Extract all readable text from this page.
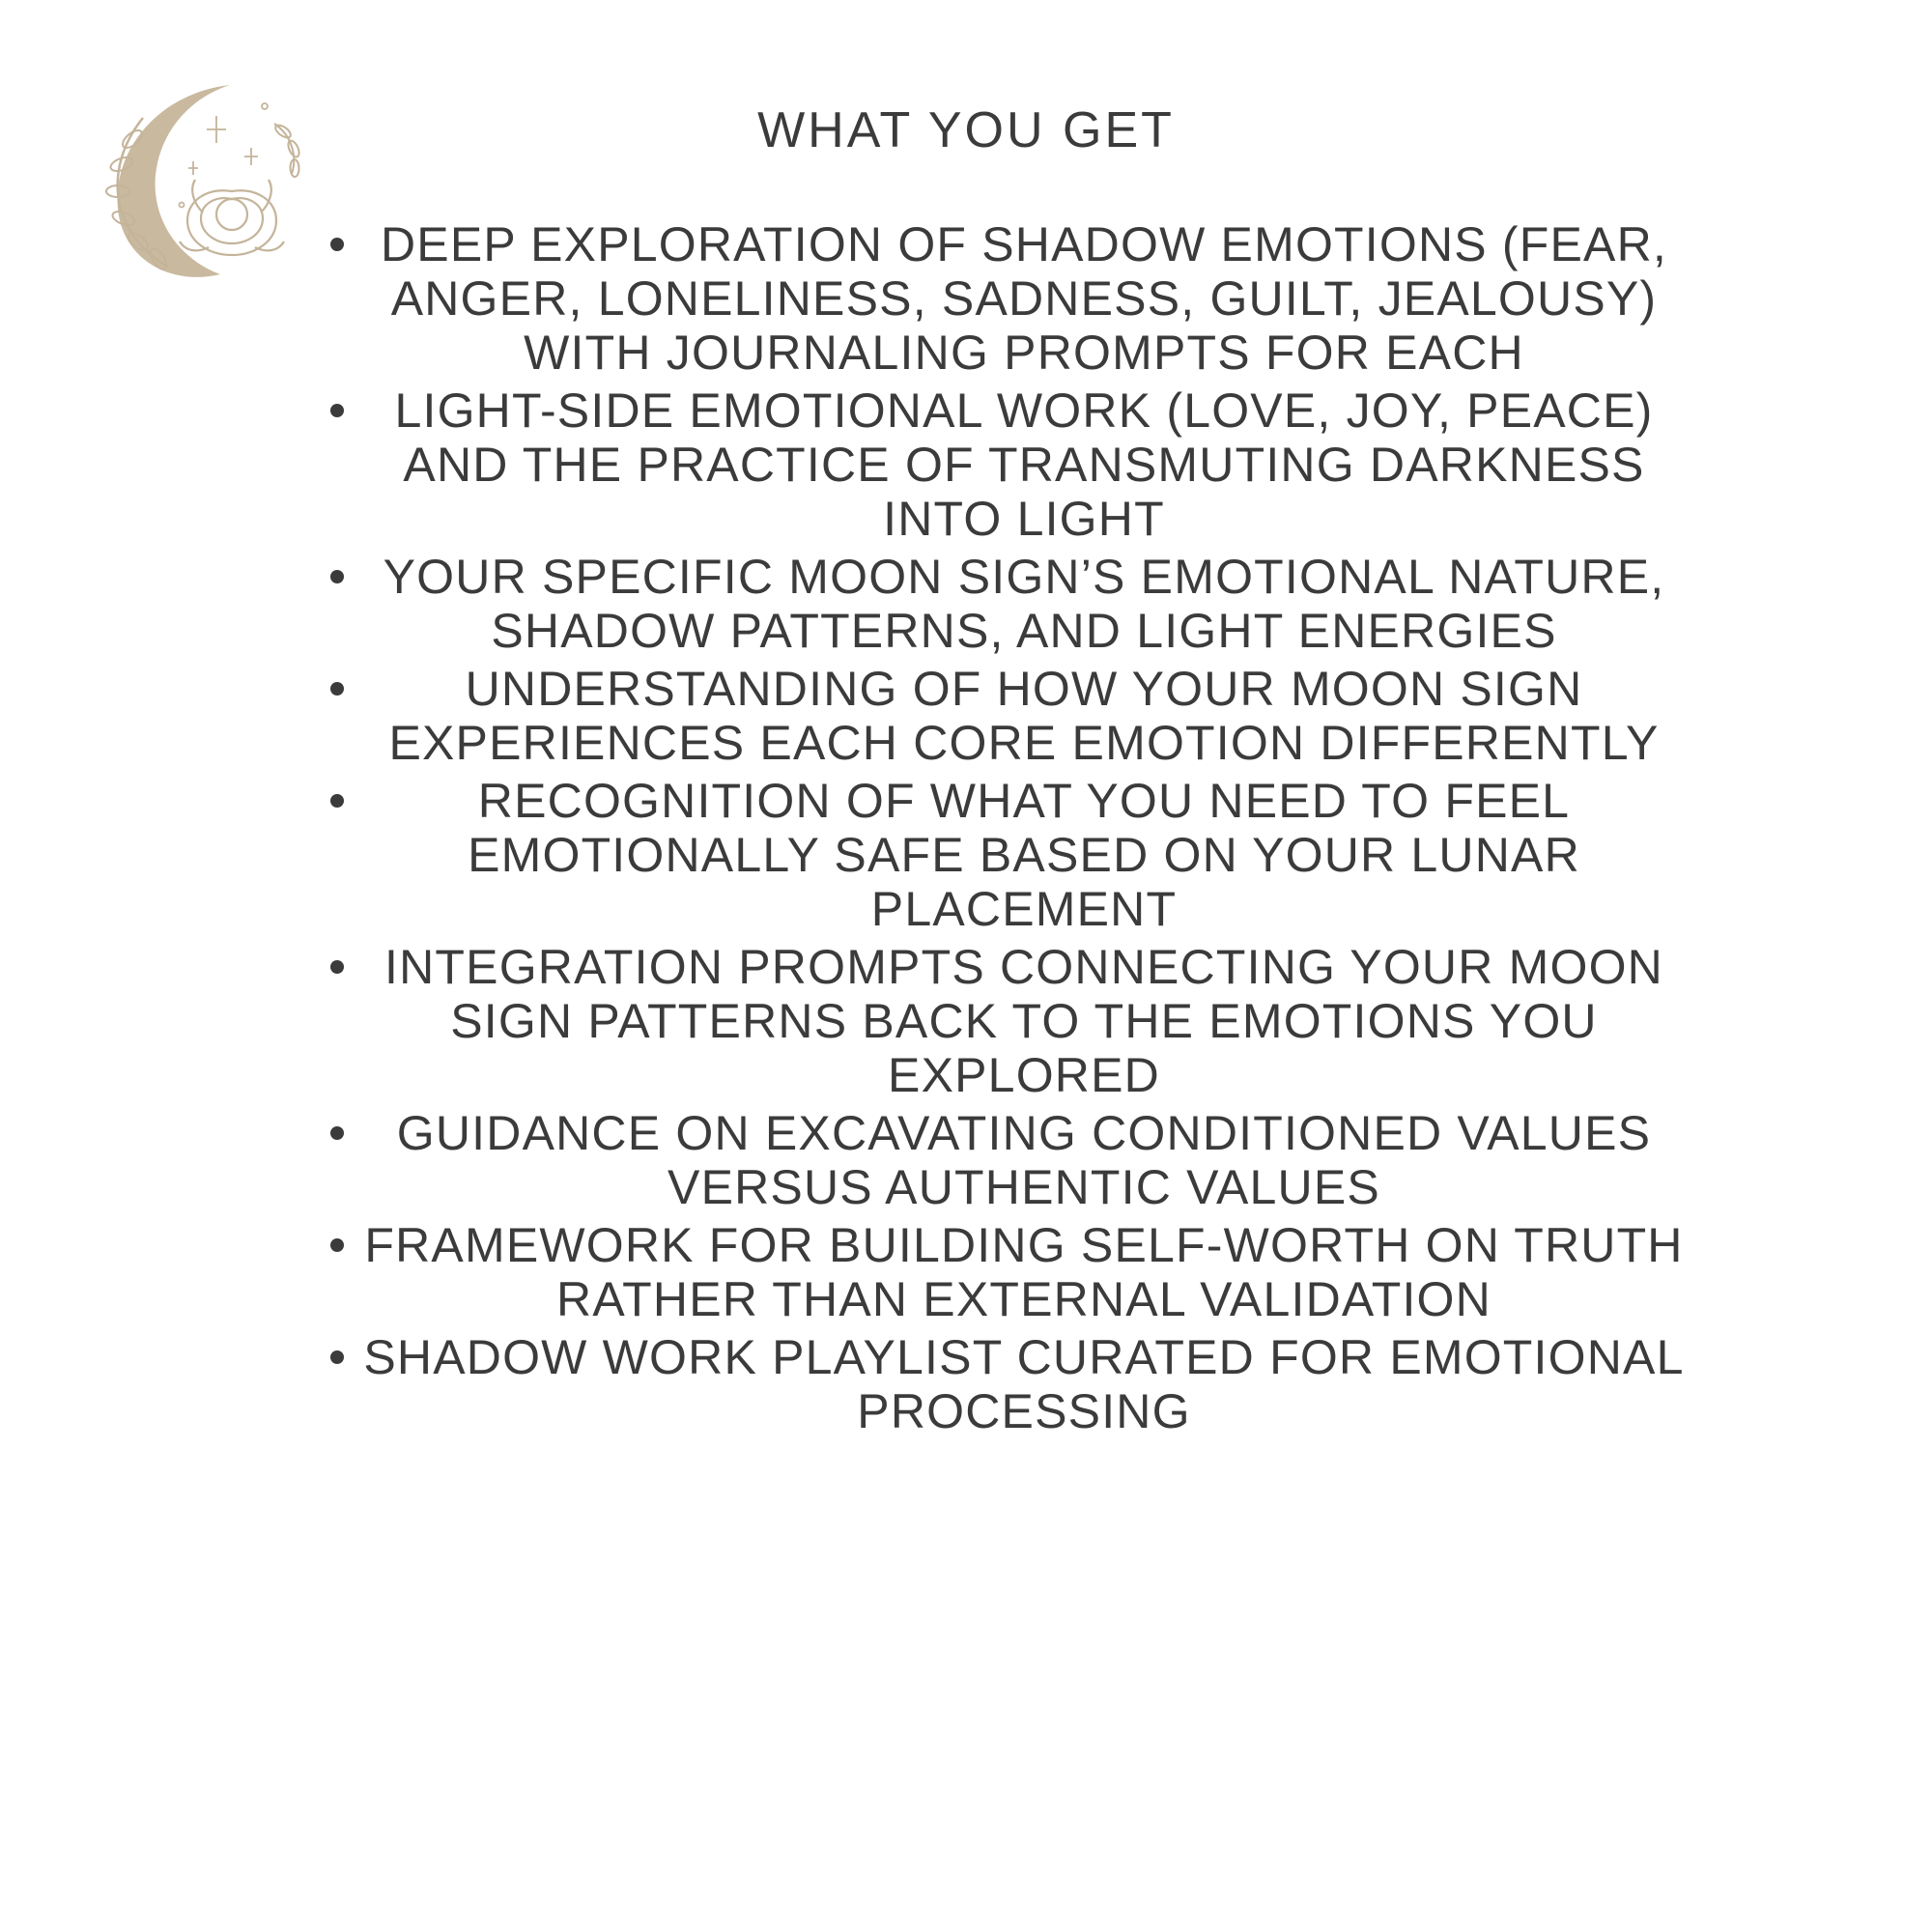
WHAT YOU GET
DEEP EXPLORATION OF SHADOW EMOTIONS (FEAR, ANGER, LONELINESS, SADNESS, GUILT, JEALOUSY) WITH JOURNALING PROMPTS FOR EACH
LIGHT-SIDE EMOTIONAL WORK (LOVE, JOY, PEACE) AND THE PRACTICE OF TRANSMUTING DARKNESS INTO LIGHT
YOUR SPECIFIC MOON SIGN’S EMOTIONAL NATURE, SHADOW PATTERNS, AND LIGHT ENERGIES
UNDERSTANDING OF HOW YOUR MOON SIGN EXPERIENCES EACH CORE EMOTION DIFFERENTLY
RECOGNITION OF WHAT YOU NEED TO FEEL EMOTIONALLY SAFE BASED ON YOUR LUNAR PLACEMENT
INTEGRATION PROMPTS CONNECTING YOUR MOON SIGN PATTERNS BACK TO THE EMOTIONS YOU EXPLORED
GUIDANCE ON EXCAVATING CONDITIONED VALUES VERSUS AUTHENTIC VALUES
FRAMEWORK FOR BUILDING SELF-WORTH ON TRUTH RATHER THAN EXTERNAL VALIDATION
SHADOW WORK PLAYLIST CURATED FOR EMOTIONAL PROCESSING
